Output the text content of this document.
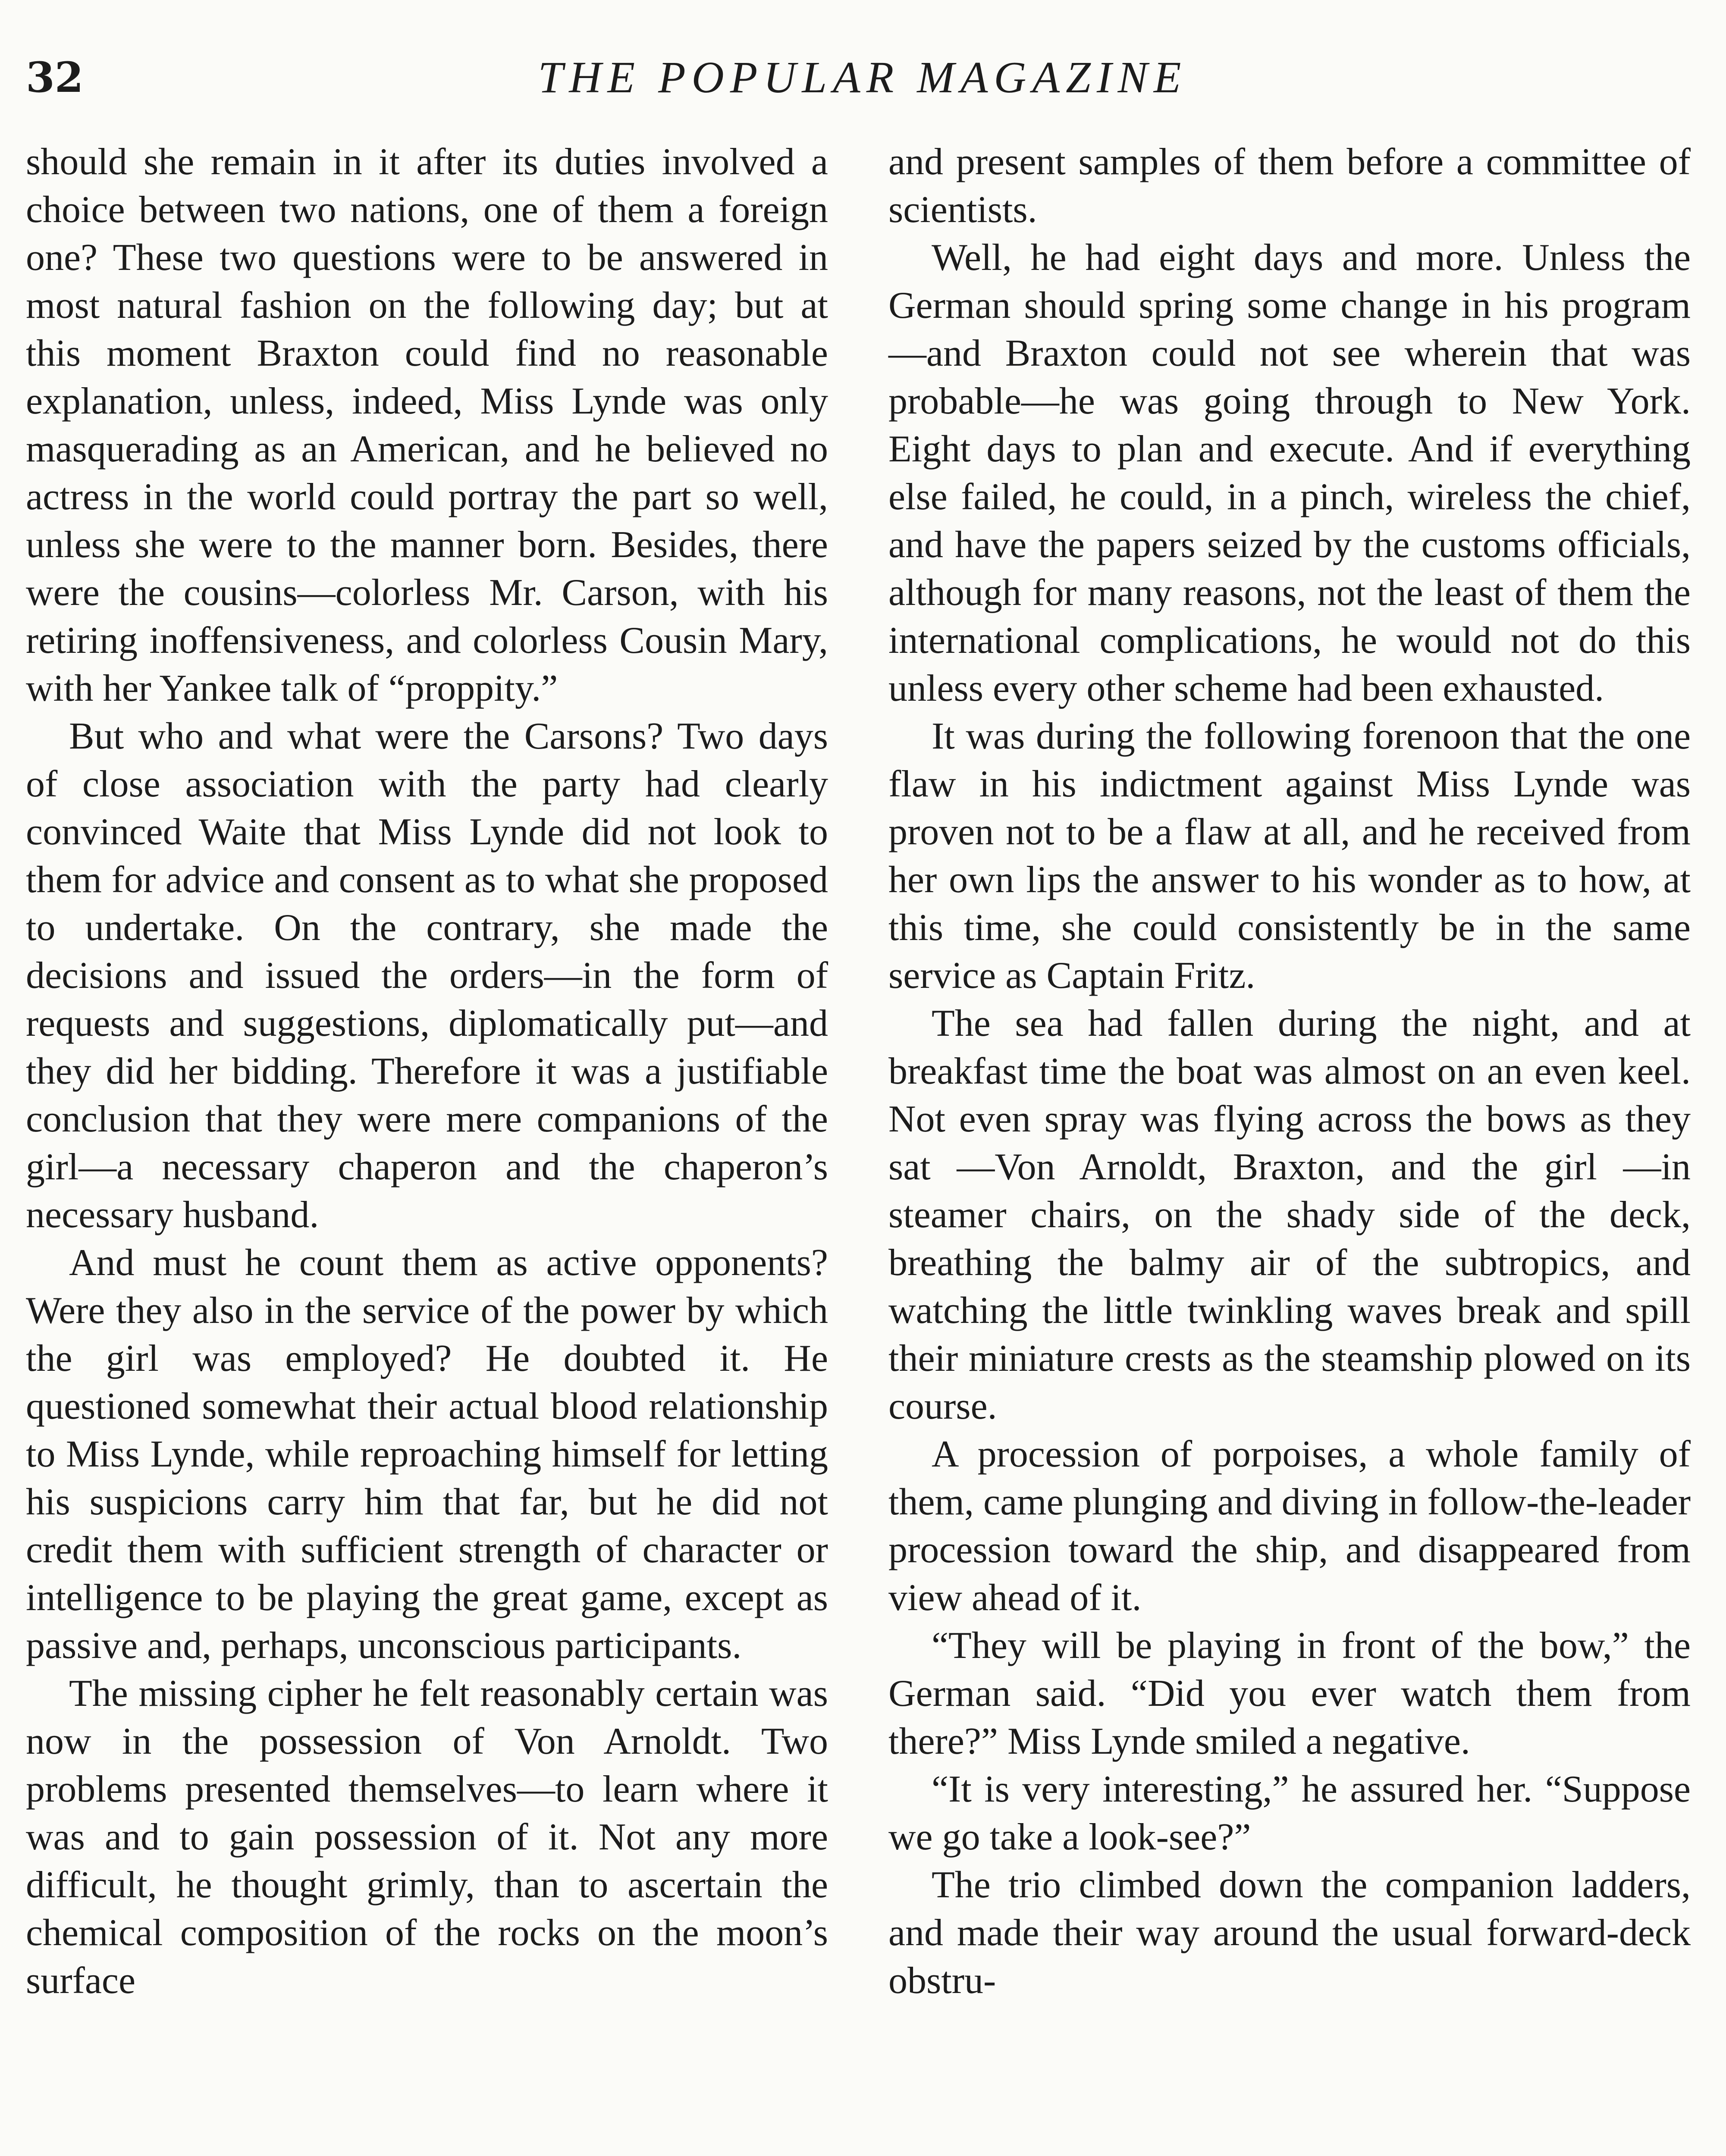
32	THE POPULAR MAGAZINE

should she remain in it after its duties involved a choice between two nations, one of them a foreign one? These two questions were to be answered in most natural fashion on the following day; but at this moment Braxton could find no reasonable explanation, unless, indeed, Miss Lynde was only masquerading as an American, and he believed no actress in the world could portray the part so well, unless she were to the manner born. Besides, there were the cousins—colorless Mr. Carson, with his retiring inoffensiveness, and colorless Cousin Mary, with her Yankee talk of “proppity.”

But who and what were the Carsons? Two days of close association with the party had clearly convinced Waite that Miss Lynde did not look to them for advice and consent as to what she proposed to undertake. On the contrary, she made the decisions and issued the orders—in the form of requests and suggestions, diplomatically put—and they did her bidding. Therefore it was a justifiable conclusion that they were mere companions of the girl—a necessary chaperon and the chaperon’s necessary husband.

And must he count them as active opponents? Were they also in the service of the power by which the girl was employed? He doubted it. He questioned somewhat their actual blood relationship to Miss Lynde, while reproaching himself for letting his suspicions carry him that far, but he did not credit them with sufficient strength of character or intelligence to be playing the great game, except as passive and, perhaps, unconscious participants.

The missing cipher he felt reasonably certain was now in the possession of Von Arnoldt. Two problems presented themselves—to learn where it was and to gain possession of it. Not any more difficult, he thought grimly, than to ascertain the chemical composition of the rocks on the moon’s surface

and present samples of them before a committee of scientists.

Well, he had eight days and more. Unless the German should spring some change in his program—and Braxton could not see wherein that was probable—he was going through to New York. Eight days to plan and execute. And if everything else failed, he could, in a pinch, wireless the chief, and have the papers seized by the customs officials, although for many reasons, not the least of them the international complications, he would not do this unless every other scheme had been exhausted.

It was during the following forenoon that the one flaw in his indictment against Miss Lynde was proven not to be a flaw at all, and he received from her own lips the answer to his wonder as to how, at this time, she could consistently be in the same service as Captain Fritz.

The sea had fallen during the night, and at breakfast time the boat was almost on an even keel. Not even spray was flying across the bows as they sat —Von Arnoldt, Braxton, and the girl —in steamer chairs, on the shady side of the deck, breathing the balmy air of the subtropics, and watching the little twinkling waves break and spill their miniature crests as the steamship plowed on its course.

A procession of porpoises, a whole family of them, came plunging and diving in follow-the-leader procession toward the ship, and disappeared from view ahead of it.

“They will be playing in front of the bow,” the German said. “Did you ever watch them from there?” Miss Lynde smiled a negative.

“It is very interesting,” he assured her. “Suppose we go take a look-see?”

The trio climbed down the companion ladders, and made their way around the usual forward-deck obstru-
